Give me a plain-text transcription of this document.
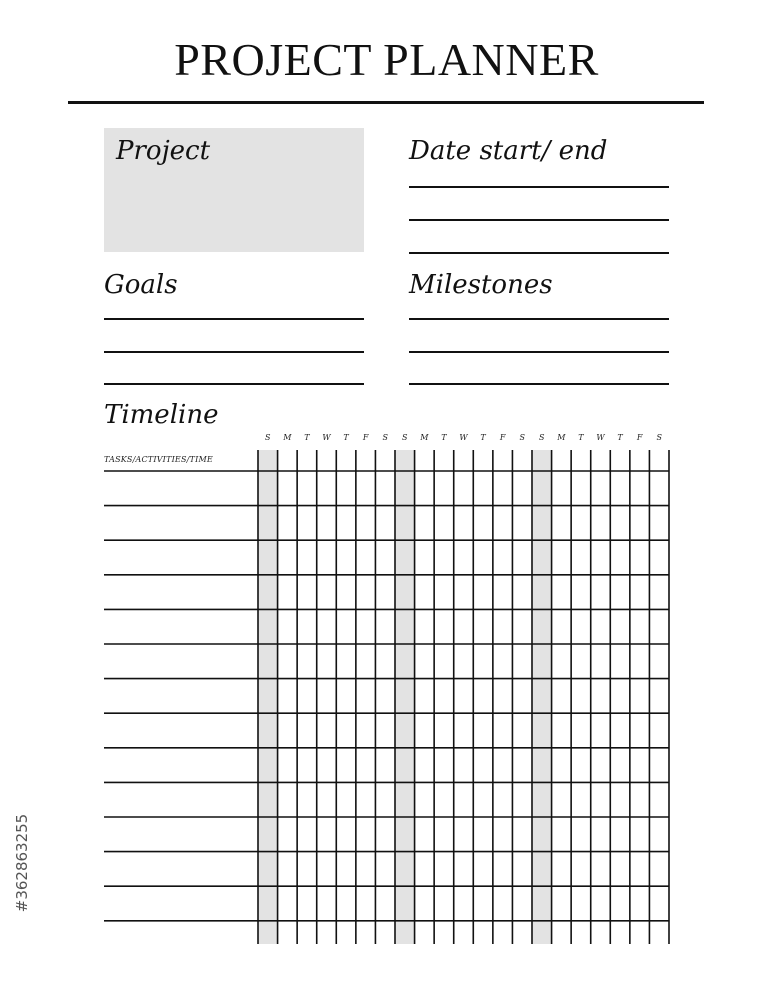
PROJECT PLANNER
Project	Date start/ end
Goals	Milestones
Timeline
S	M	T	W	T	F	S	S	M	T	W	T	F	S	S	M	T	W	T	F	S
TASKS/ACTIVITIES/TIME
#362863255
